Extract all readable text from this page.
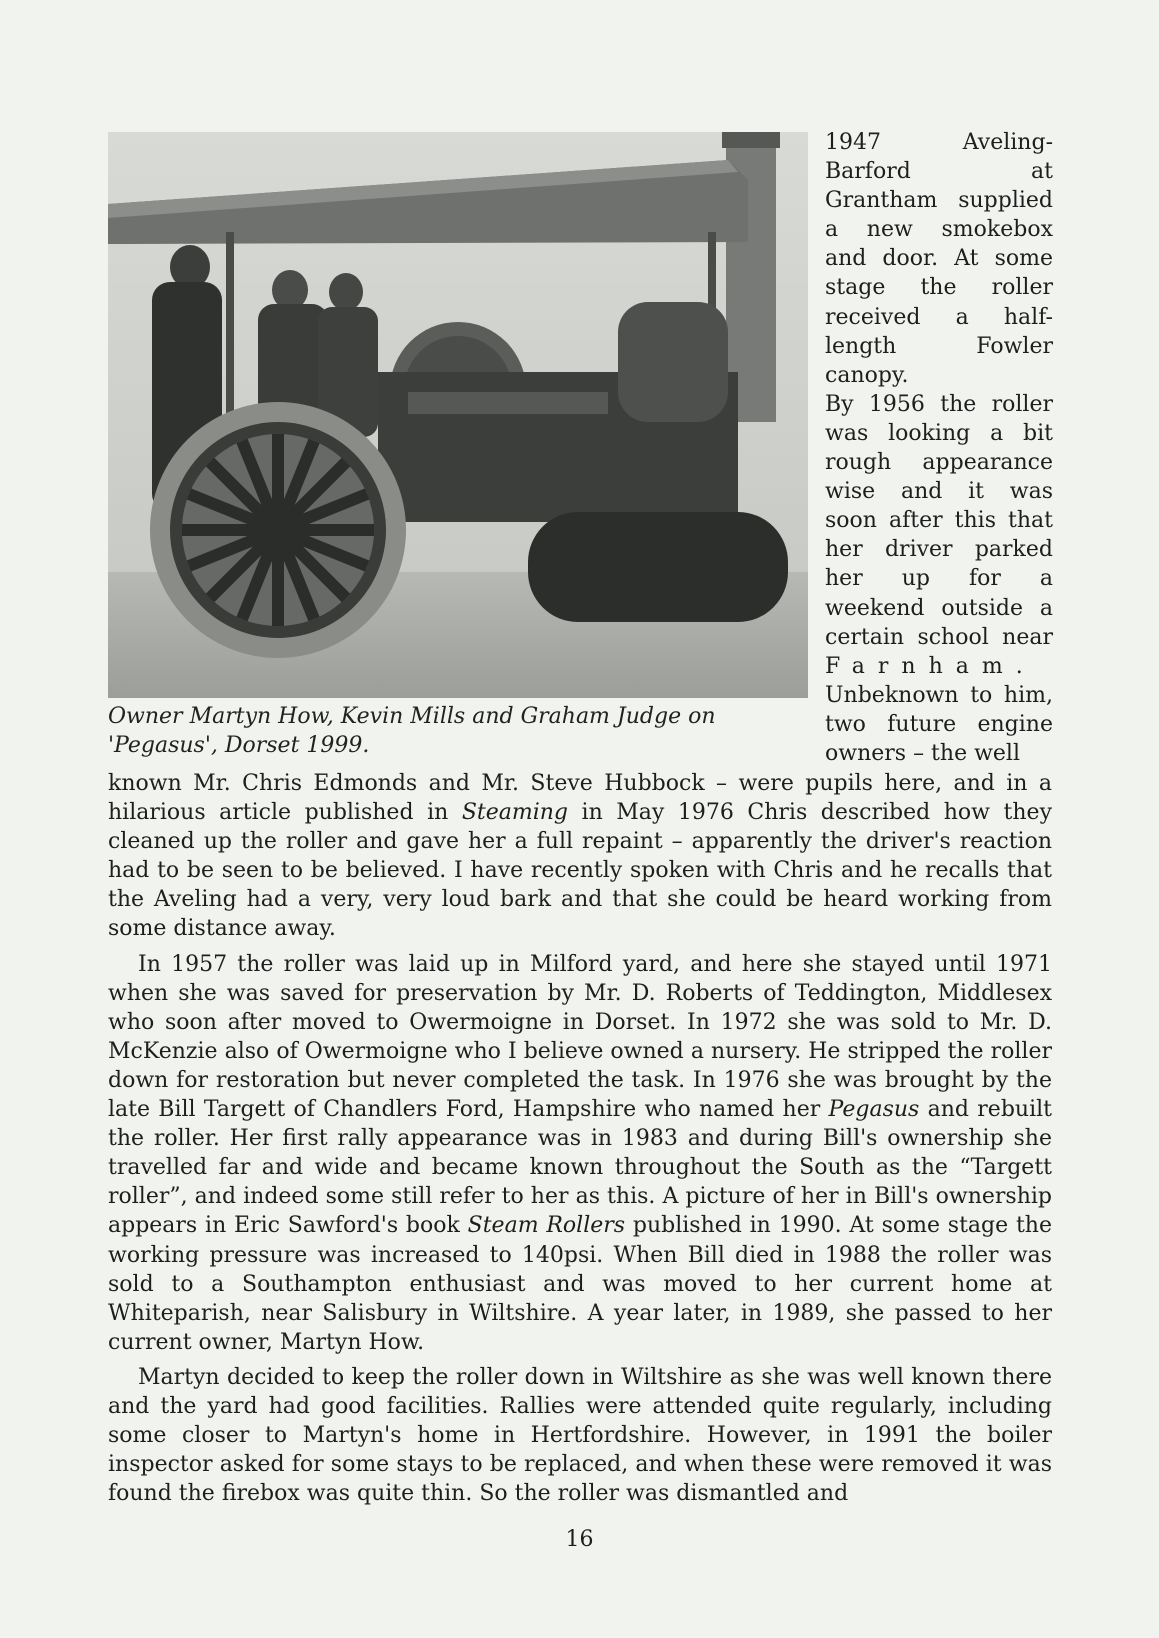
Owner Martyn How, Kevin Mills and Graham Judge on
'Pegasus', Dorset 1999.

1947 Aveling-Barford at Grantham supplied a new smokebox and door. At some stage the roller received a half-length Fowler canopy.

By 1956 the roller was looking a bit rough appearance wise and it was soon after this that her driver parked her up for a weekend outside a certain school near Farnham. Unbeknown to him, two future engine owners – the well

known Mr. Chris Edmonds and Mr. Steve Hubbock – were pupils here, and in a hilarious article published in Steaming in May 1976 Chris described how they cleaned up the roller and gave her a full repaint – apparently the driver's reaction had to be seen to be believed. I have recently spoken with Chris and he recalls that the Aveling had a very, very loud bark and that she could be heard working from some distance away.

In 1957 the roller was laid up in Milford yard, and here she stayed until 1971 when she was saved for preservation by Mr. D. Roberts of Teddington, Middlesex who soon after moved to Owermoigne in Dorset. In 1972 she was sold to Mr. D. McKenzie also of Owermoigne who I believe owned a nursery. He stripped the roller down for restoration but never completed the task. In 1976 she was brought by the late Bill Targett of Chandlers Ford, Hampshire who named her Pegasus and rebuilt the roller. Her first rally appearance was in 1983 and during Bill's ownership she travelled far and wide and became known throughout the South as the “Targett roller”, and indeed some still refer to her as this. A picture of her in Bill's ownership appears in Eric Sawford's book Steam Rollers published in 1990. At some stage the working pressure was increased to 140psi. When Bill died in 1988 the roller was sold to a Southampton enthusiast and was moved to her current home at Whiteparish, near Salisbury in Wiltshire. A year later, in 1989, she passed to her current owner, Martyn How.

Martyn decided to keep the roller down in Wiltshire as she was well known there and the yard had good facilities. Rallies were attended quite regularly, including some closer to Martyn's home in Hertfordshire. However, in 1991 the boiler inspector asked for some stays to be replaced, and when these were removed it was found the firebox was quite thin. So the roller was dismantled and

16
